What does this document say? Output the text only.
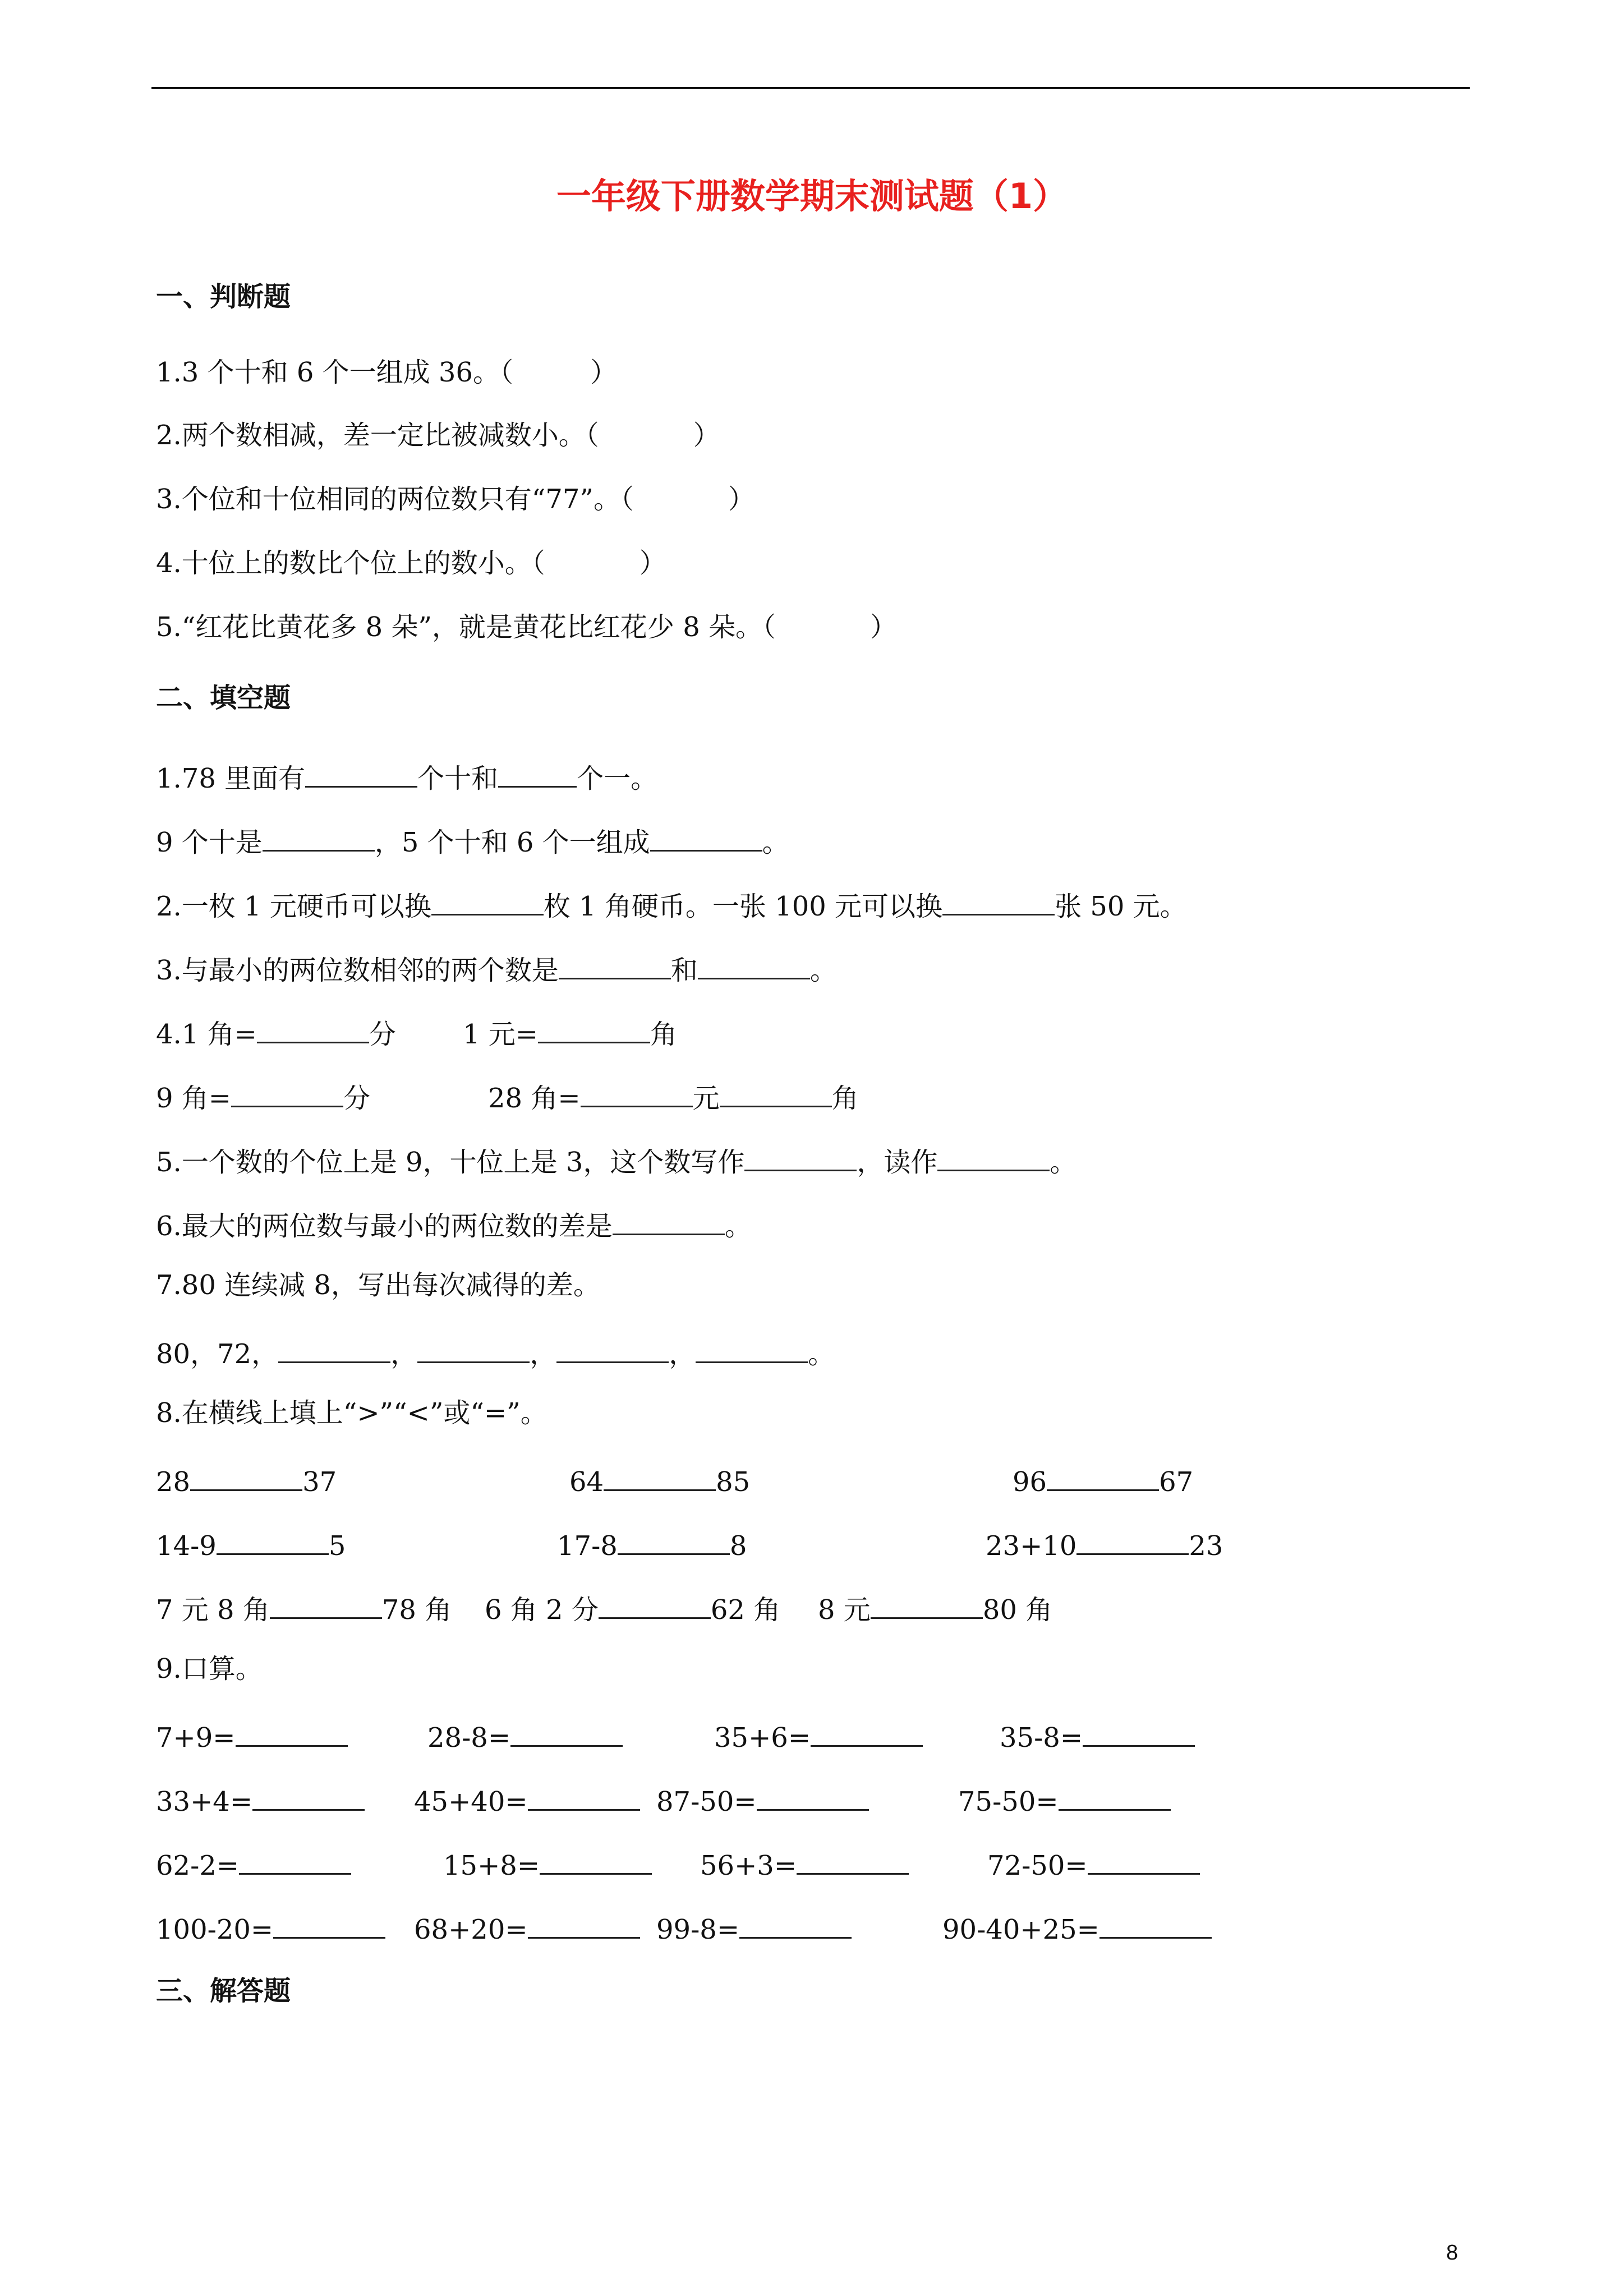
一年级下册数学期末测试题（1）
一、判断题
1.3 个十和 6 个一组成 36。（         ）
2.两个数相减，差一定比被减数小。（           ）
3.个位和十位相同的两位数只有“77”。（           ）
4.十位上的数比个位上的数小。（           ）
5.“红花比黄花多 8 朵”，就是黄花比红花少 8 朵。（           ）
二、填空题
1.78 里面有	个十和	个一。
9 个十是	，5 个十和 6 个一组成	。
2.一枚 1 元硬币可以换	枚 1 角硬币。一张 100 元可以换	张 50 元。
3.与最小的两位数相邻的两个数是	和	。
4.1 角=	分 1 元=	角
9 角=	分	28 角=	元	角
5.一个数的个位上是 9，十位上是 3，这个数写作	，读作	。
6.最大的两位数与最小的两位数的差是	。
7.80 连续减 8，写出每次减得的差。
80，72，	，	，	，	。
8.在横线上填上“>”“<”或“=”。
28	37	64	85	96	67
14-9	5	17-8	8	23+10	23
7 元 8 角	78 角 6 角 2 分	62 角 8 元	80 角
9.口算。
7+9=	28-8=	35+6=	35-8=
33+4=	45+40=	87-50=	75-50=
62-2=	15+8=	56+3=	72-50=
100-20=	68+20=	99-8=	90-40+25=
三、解答题
8
